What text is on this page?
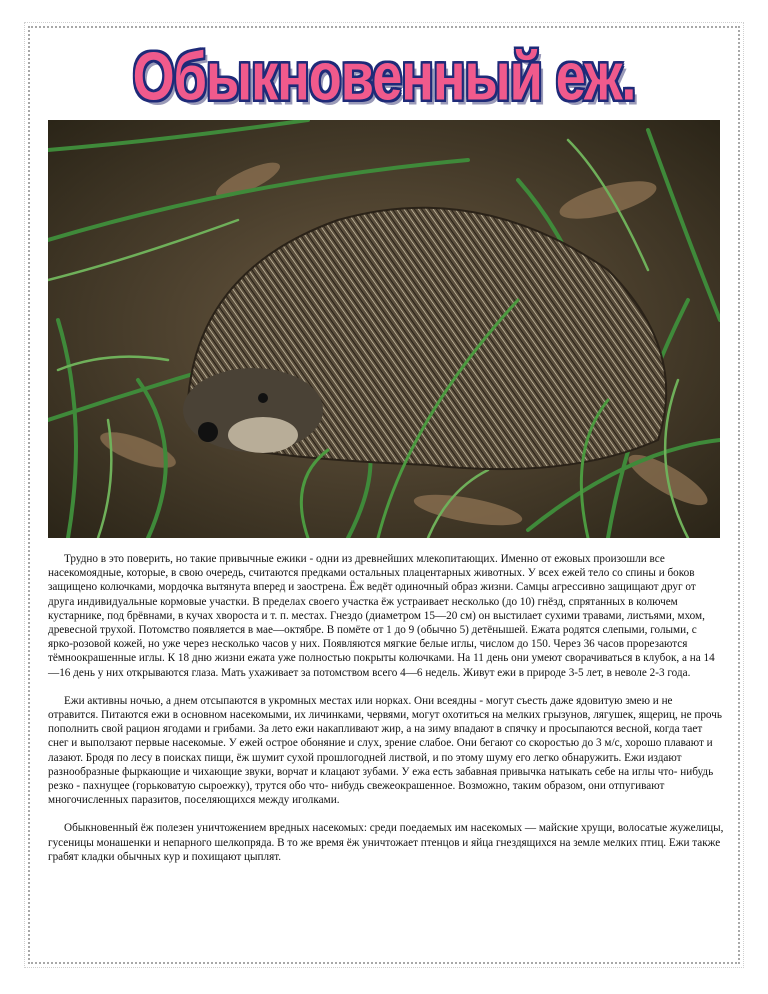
Обыкновенный еж.

Трудно в это поверить, но такие привычные ежики - одни из древнейших млекопитающих. Именно от ежовых произошли все насекомоядные, которые, в свою очередь, считаются предками остальных плацентарных животных. У всех ежей тело со спины и боков защищено колючками, мордочка вытянута вперед и заострена. Ёж ведёт одиночный образ жизни. Самцы агрессивно защищают друг от друга индивидуальные кормовые участки. В пределах своего участка ёж устраивает несколько (до 10) гнёзд, спрятанных в колючем кустарнике, под брёвнами, в кучах хвороста и т. п. местах. Гнездо (диаметром 15—20 см) он выстилает сухими травами, листьями, мхом, древесной трухой. Потомство появляется в мае—октябре. В помёте от 1 до 9 (обычно 5) детёнышей. Ежата родятся слепыми, голыми, с ярко-розовой кожей, но уже через несколько часов у них. Появляются мягкие белые иглы, числом до 150. Через 36 часов прорезаются тёмноокрашенные иглы. К 18 дню жизни ежата уже полностью покрыты колючками. На 11 день они умеют сворачиваться в клубок, а на 14—16 день у них открываются глаза. Мать ухаживает за потомством всего 4—6 недель. Живут ежи в природе 3-5 лет, в неволе 2-3 года.

Ежи активны ночью, а днем отсыпаются в укромных местах или норках. Они всеядны - могут съесть даже ядовитую змею и не отравится. Питаются ежи в основном насекомыми, их личинками, червями, могут охотиться на мелких грызунов, лягушек, ящериц, не прочь пополнить свой рацион ягодами и грибами. За лето ежи накапливают жир, а на зиму впадают в спячку и просыпаются весной, когда тает снег и выползают первые насекомые. У ежей острое обоняние и слух, зрение слабое. Они бегают со скоростью до 3 м/с, хорошо плавают и лазают. Бродя по лесу в поисках пищи, ёж шумит сухой прошлогодней листвой, и по этому шуму его легко обнаружить. Ежи издают разнообразные фыркающие и чихающие звуки, ворчат и клацают зубами. У ежа есть забавная привычка натыкать себе на иглы что- нибудь резко - пахнущее (горьковатую сыроежку), трутся обо что- нибудь свежеокрашенное. Возможно, таким образом, они отпугивают многочисленных паразитов, поселяющихся между иголками.

Обыкновенный ёж полезен уничтожением вредных насекомых: среди поедаемых им насекомых — майские хрущи, волосатые жужелицы, гусеницы монашенки и непарного шелкопряда. В то же время ёж уничтожает птенцов и яйца гнездящихся на земле мелких птиц. Ежи также грабят кладки обычных кур и похищают цыплят.
